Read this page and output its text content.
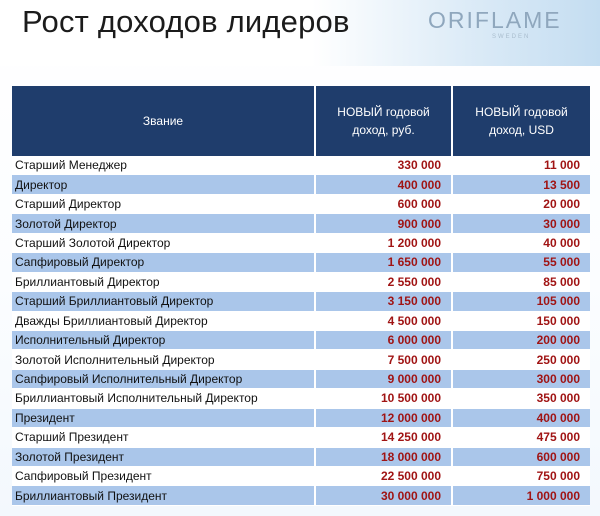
Рост доходов лидеров	ORIFLAME
SWEDEN
Звание	НОВЫЙ годовой доход, руб.	НОВЫЙ годовой доход, USD
Старший Менеджер	330 000	11 000
Директор	400 000	13 500
Старший Директор	600 000	20 000
Золотой Директор	900 000	30 000
Старший Золотой Директор	1 200 000	40 000
Сапфировый Директор	1 650 000	55 000
Бриллиантовый Директор	2 550 000	85 000
Старший Бриллиантовый Директор	3 150 000	105 000
Дважды Бриллиантовый Директор	4 500 000	150 000
Исполнительный Директор	6 000 000	200 000
Золотой Исполнительный Директор	7 500 000	250 000
Сапфировый Исполнительный Директор	9 000 000	300 000
Бриллиантовый Исполнительный Директор	10 500 000	350 000
Президент	12 000 000	400 000
Старший Президент	14 250 000	475 000
Золотой Президент	18 000 000	600 000
Сапфировый Президент	22 500 000	750 000
Бриллиантовый Президент	30 000 000	1 000 000
